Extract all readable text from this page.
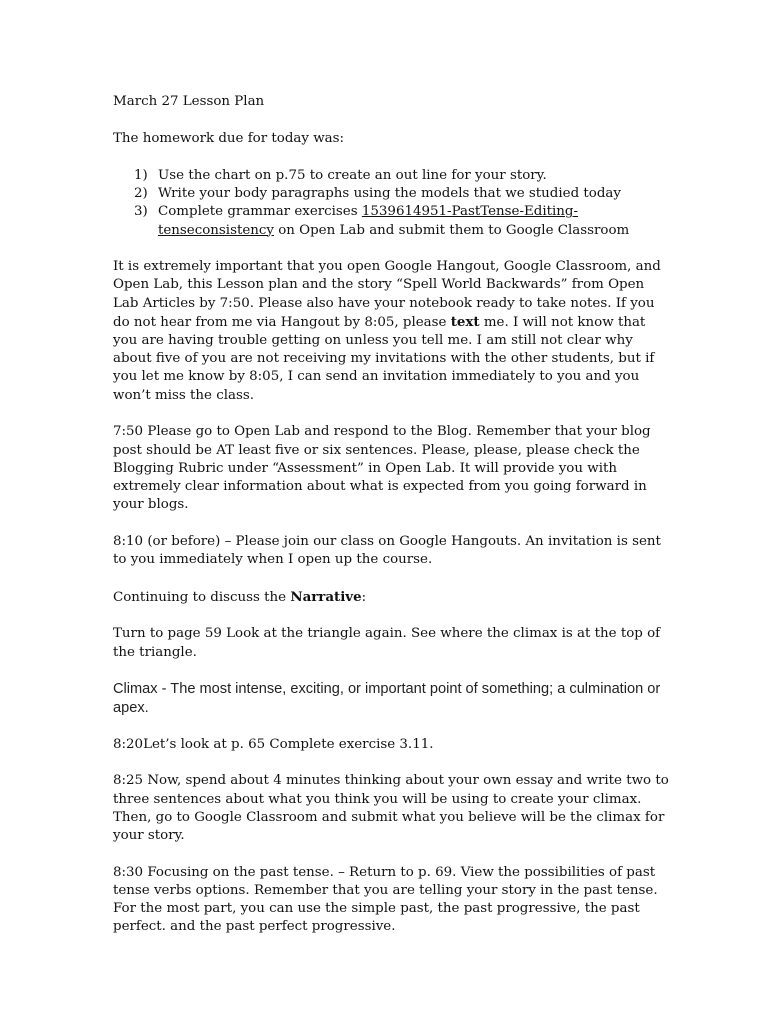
March 27 Lesson Plan

The homework due for today was:

1) Use the chart on p.75 to create an out line for your story.
2) Write your body paragraphs using the models that we studied today
3) Complete grammar exercises 1539614951-PastTense-Editing-tenseconsistency on Open Lab and submit them to Google Classroom

It is extremely important that you open Google Hangout, Google Classroom, and Open Lab, this Lesson plan and the story “Spell World Backwards” from Open Lab Articles by 7:50. Please also have your notebook ready to take notes. If you do not hear from me via Hangout by 8:05, please text me. I will not know that you are having trouble getting on unless you tell me. I am still not clear why about five of you are not receiving my invitations with the other students, but if you let me know by 8:05, I can send an invitation immediately to you and you won’t miss the class.

7:50 Please go to Open Lab and respond to the Blog. Remember that your blog post should be AT least five or six sentences. Please, please, please check the Blogging Rubric under “Assessment” in Open Lab. It will provide you with extremely clear information about what is expected from you going forward in your blogs.

8:10 (or before) – Please join our class on Google Hangouts. An invitation is sent to you immediately when I open up the course.

Continuing to discuss the Narrative:

Turn to page 59 Look at the triangle again. See where the climax is at the top of the triangle.

Climax - The most intense, exciting, or important point of something; a culmination or apex.

8:20Let’s look at p. 65 Complete exercise 3.11.

8:25 Now, spend about 4 minutes thinking about your own essay and write two to three sentences about what you think you will be using to create your climax. Then, go to Google Classroom and submit what you believe will be the climax for your story.

8:30 Focusing on the past tense. – Return to p. 69. View the possibilities of past tense verbs options. Remember that you are telling your story in the past tense. For the most part, you can use the simple past, the past progressive, the past perfect. and the past perfect progressive.
